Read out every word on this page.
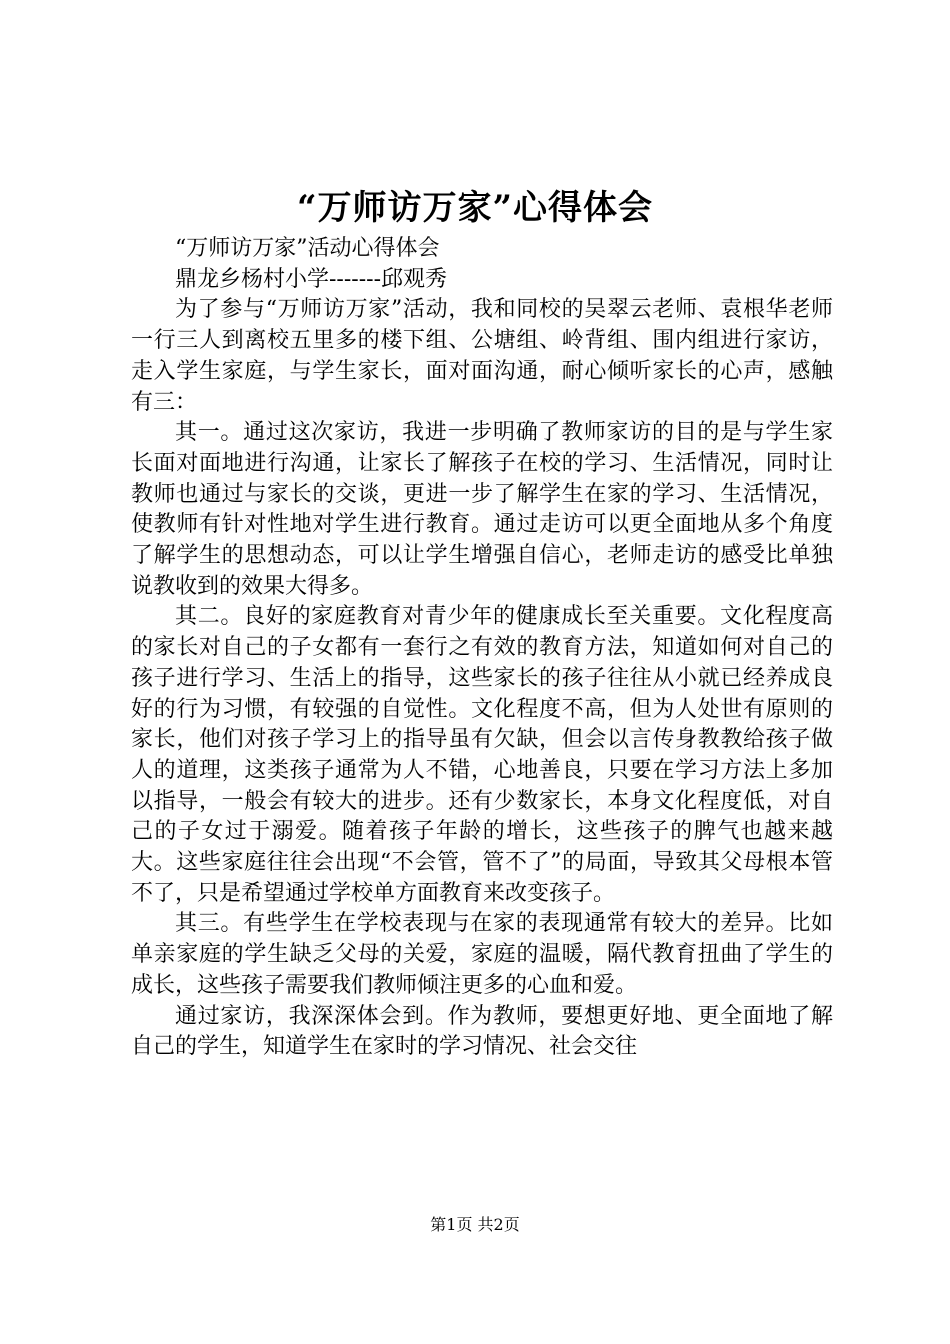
“万师访万家”心得体会

“万师访万家”活动心得体会

鼎龙乡杨村小学-------邱观秀

为了参与“万师访万家”活动，我和同校的吴翠云老师、袁根华老师一行三人到离校五里多的楼下组、公塘组、岭背组、围内组进行家访，走入学生家庭，与学生家长，面对面沟通，耐心倾听家长的心声，感触有三：

其一。通过这次家访，我进一步明确了教师家访的目的是与学生家长面对面地进行沟通，让家长了解孩子在校的学习、生活情况，同时让教师也通过与家长的交谈，更进一步了解学生在家的学习、生活情况，使教师有针对性地对学生进行教育。通过走访可以更全面地从多个角度了解学生的思想动态，可以让学生增强自信心，老师走访的感受比单独说教收到的效果大得多。

其二。良好的家庭教育对青少年的健康成长至关重要。文化程度高的家长对自己的子女都有一套行之有效的教育方法，知道如何对自己的孩子进行学习、生活上的指导，这些家长的孩子往往从小就已经养成良好的行为习惯，有较强的自觉性。文化程度不高，但为人处世有原则的家长，他们对孩子学习上的指导虽有欠缺，但会以言传身教教给孩子做人的道理，这类孩子通常为人不错，心地善良，只要在学习方法上多加以指导，一般会有较大的进步。还有少数家长，本身文化程度低，对自己的子女过于溺爱。随着孩子年龄的增长，这些孩子的脾气也越来越大。这些家庭往往会出现“不会管，管不了”的局面，导致其父母根本管不了，只是希望通过学校单方面教育来改变孩子。

其三。有些学生在学校表现与在家的表现通常有较大的差异。比如单亲家庭的学生缺乏父母的关爱，家庭的温暖，隔代教育扭曲了学生的成长，这些孩子需要我们教师倾注更多的心血和爱。

通过家访，我深深体会到。作为教师，要想更好地、更全面地了解自己的学生，知道学生在家时的学习情况、社会交往

第1页 共2页
